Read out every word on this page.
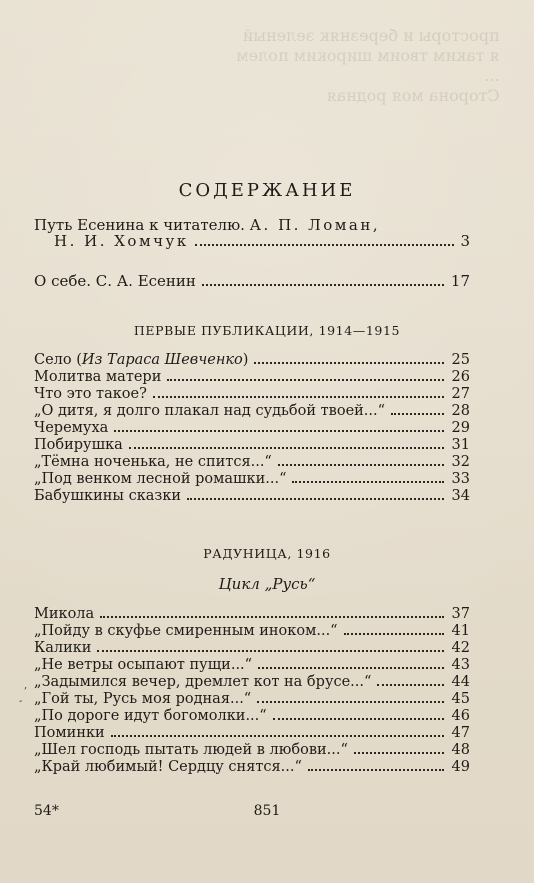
просторы и березняк зеленый
я таким твоим широким полем
...
Сторона моя родная

СОДЕРЖАНИЕ
Путь Есенина к читателю. А. П. Ломан,
Н. И. Хомчук	3
О себе. С. А. Есенин	17
ПЕРВЫЕ ПУБЛИКАЦИИ, 1914—1915
Село (Из Тараса Шевченко)	25
Молитва матери	26
Что это такое?	27
„О дитя, я долго плакал над судьбой твоей...“	28
Черемуха	29
Побирушка	31
„Тёмна ноченька, не спится...“	32
„Под венком лесной ромашки...“	33
Бабушкины сказки	34
РАДУНИЦА, 1916
Цикл „Русь“
Микола	37
„Пойду в скуфье смиренным иноком...“	41
Калики	42
„Не ветры осыпают пущи...“	43
„Задымился вечер, дремлет кот на брусе...“	44
„Гой ты, Русь моя родная...“	45
„По дороге идут богомолки...“	46
Поминки	47
„Шел господь пытать людей в любови...“	48
„Край любимый! Сердцу снятся...“	49
,
-
54*	851
